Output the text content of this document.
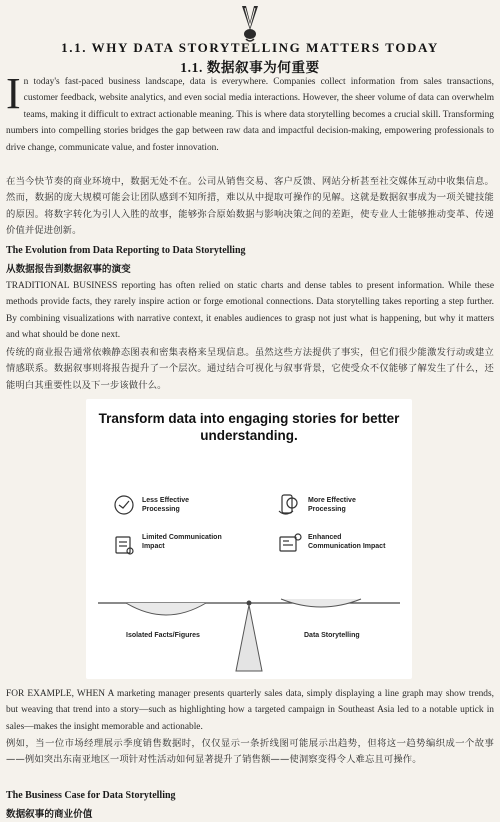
1.1. WHY DATA STORYTELLING MATTERS TODAY
1.1. 数据叙事为何重要
In today's fast-paced business landscape, data is everywhere. Companies collect information from sales transactions, customer feedback, website analytics, and even social media interactions. However, the sheer volume of data can overwhelm teams, making it difficult to extract actionable meaning. This is where data storytelling becomes a crucial skill. Transforming numbers into compelling stories bridges the gap between raw data and impactful decision-making, empowering professionals to drive change, communicate value, and foster innovation.
在当今快节奏的商业环境中，数据无处不在。公司从销售交易、客户反馈、网站分析甚至社交媒体互动中收集信息。然而，数据的庞大规模可能会让团队感到不知所措，难以从中提取可操作的见解。这就是数据叙事成为一项关键技能的原因。将数字转化为引人入胜的故事，能够弥合原始数据与影响决策之间的差距，使专业人士能够推动变革、传递价值并促进创新。
The Evolution from Data Reporting to Data Storytelling
从数据报告到数据叙事的演变
TRADITIONAL BUSINESS reporting has often relied on static charts and dense tables to present information. While these methods provide facts, they rarely inspire action or forge emotional connections. Data storytelling takes reporting a step further. By combining visualizations with narrative context, it enables audiences to grasp not just what is happening, but why it matters and what should be done next.
传统的商业报告通常依赖静态图表和密集表格来呈现信息。虽然这些方法提供了事实，但它们很少能激发行动或建立情感联系。数据叙事则将报告提升了一个层次。通过结合可视化与叙事背景，它使受众不仅能够了解发生了什么，还能明白其重要性以及下一步该做什么。
Transform data into engaging stories for better understanding.
Less Effective Processing
Limited Communication Impact
More Effective Processing
Enhanced Communication Impact
Isolated Facts/Figures	Data Storytelling
FOR EXAMPLE, WHEN A marketing manager presents quarterly sales data, simply displaying a line graph may show trends, but weaving that trend into a story—such as highlighting how a targeted campaign in Southeast Asia led to a notable uptick in sales—makes the insight memorable and actionable.
例如，当一位市场经理展示季度销售数据时，仅仅显示一条折线图可能展示出趋势，但将这一趋势编织成一个故事——例如突出东南亚地区一项针对性活动如何显著提升了销售额——使洞察变得令人难忘且可操作。
The Business Case for Data Storytelling
数据叙事的商业价值
